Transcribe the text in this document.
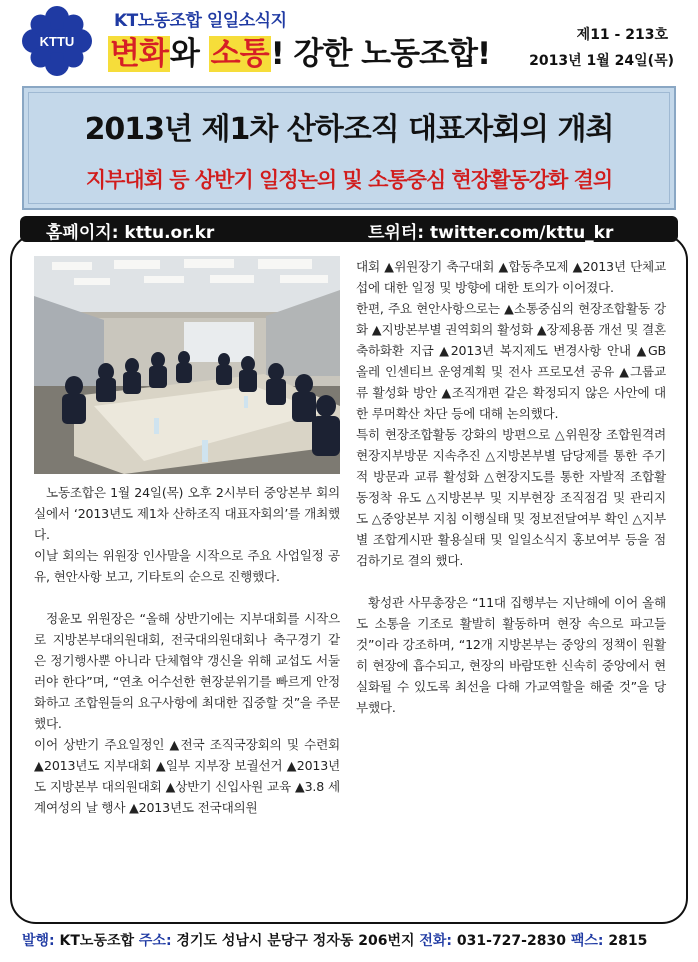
KTTU
KT노동조합 일일소식지
변화와 소통! 강한 노동조합!
제11 - 213호
2013년 1월 24일(목)
2013년 제1차 산하조직 대표자회의 개최
지부대회 등 상반기 일정논의 및 소통중심 현장활동강화 결의
홈페이지: kttu.or.kr	트위터: twitter.com/kttu_kr

노동조합은 1월 24일(목) 오후 2시부터 중앙본부 회의실에서 ‘2013년도 제1차 산하조직 대표자회의’를 개최했다.

이날 회의는 위원장 인사말을 시작으로 주요 사업일정 공유, 현안사항 보고, 기타토의 순으로 진행했다.

정윤모 위원장은 “올해 상반기에는 지부대회를 시작으로 지방본부대의원대회, 전국대의원대회나 축구경기 같은 정기행사뿐 아니라 단체협약 갱신을 위해 교섭도 서둘러야 한다”며, “연초 어수선한 현장분위기를 빠르게 안정화하고 조합원들의 요구사항에 최대한 집중할 것”을 주문했다.

이어 상반기 주요일정인 ▲전국 조직국장회의 및 수련회 ▲2013년도 지부대회 ▲일부 지부장 보궐선거 ▲2013년도 지방본부 대의원대회 ▲상반기 신입사원 교육 ▲3.8 세계여성의 날 행사 ▲2013년도 전국대의원

대회 ▲위원장기 축구대회 ▲합동추모제 ▲2013년 단체교섭에 대한 일정 및 방향에 대한 토의가 이어졌다.

한편, 주요 현안사항으로는 ▲소통중심의 현장조합활동 강화 ▲지방본부별 권역회의 활성화 ▲장제용품 개선 및 결혼 축하화환 지급 ▲2013년 복지제도 변경사항 안내 ▲GB 올레 인센티브 운영계획 및 전사 프로모션 공유 ▲그룹교류 활성화 방안 ▲조직개편 같은 확정되지 않은 사안에 대한 루머확산 차단 등에 대해 논의했다.

특히 현장조합활동 강화의 방편으로 △위원장 조합원격려 현장지부방문 지속추진 △지방본부별 담당제를 통한 주기적 방문과 교류 활성화 △현장지도를 통한 자발적 조합활동정착 유도 △지방본부 및 지부현장 조직점검 및 관리지도 △중앙본부 지침 이행실태 및 정보전달여부 확인 △지부별 조합게시판 활용실태 및 일일소식지 홍보여부 등을 점검하기로 결의 했다.

황성관 사무총장은 “11대 집행부는 지난해에 이어 올해도 소통을 기조로 활발히 활동하며 현장 속으로 파고들 것”이라 강조하며, “12개 지방본부는 중앙의 정책이 원활히 현장에 흡수되고, 현장의 바람또한 신속히 중앙에서 현실화될 수 있도록 최선을 다해 가교역할을 해줄 것”을 당부했다.

발행: KT노동조합 주소: 경기도 성남시 분당구 정자동 206번지 전화: 031-727-2830 팩스: 2815
